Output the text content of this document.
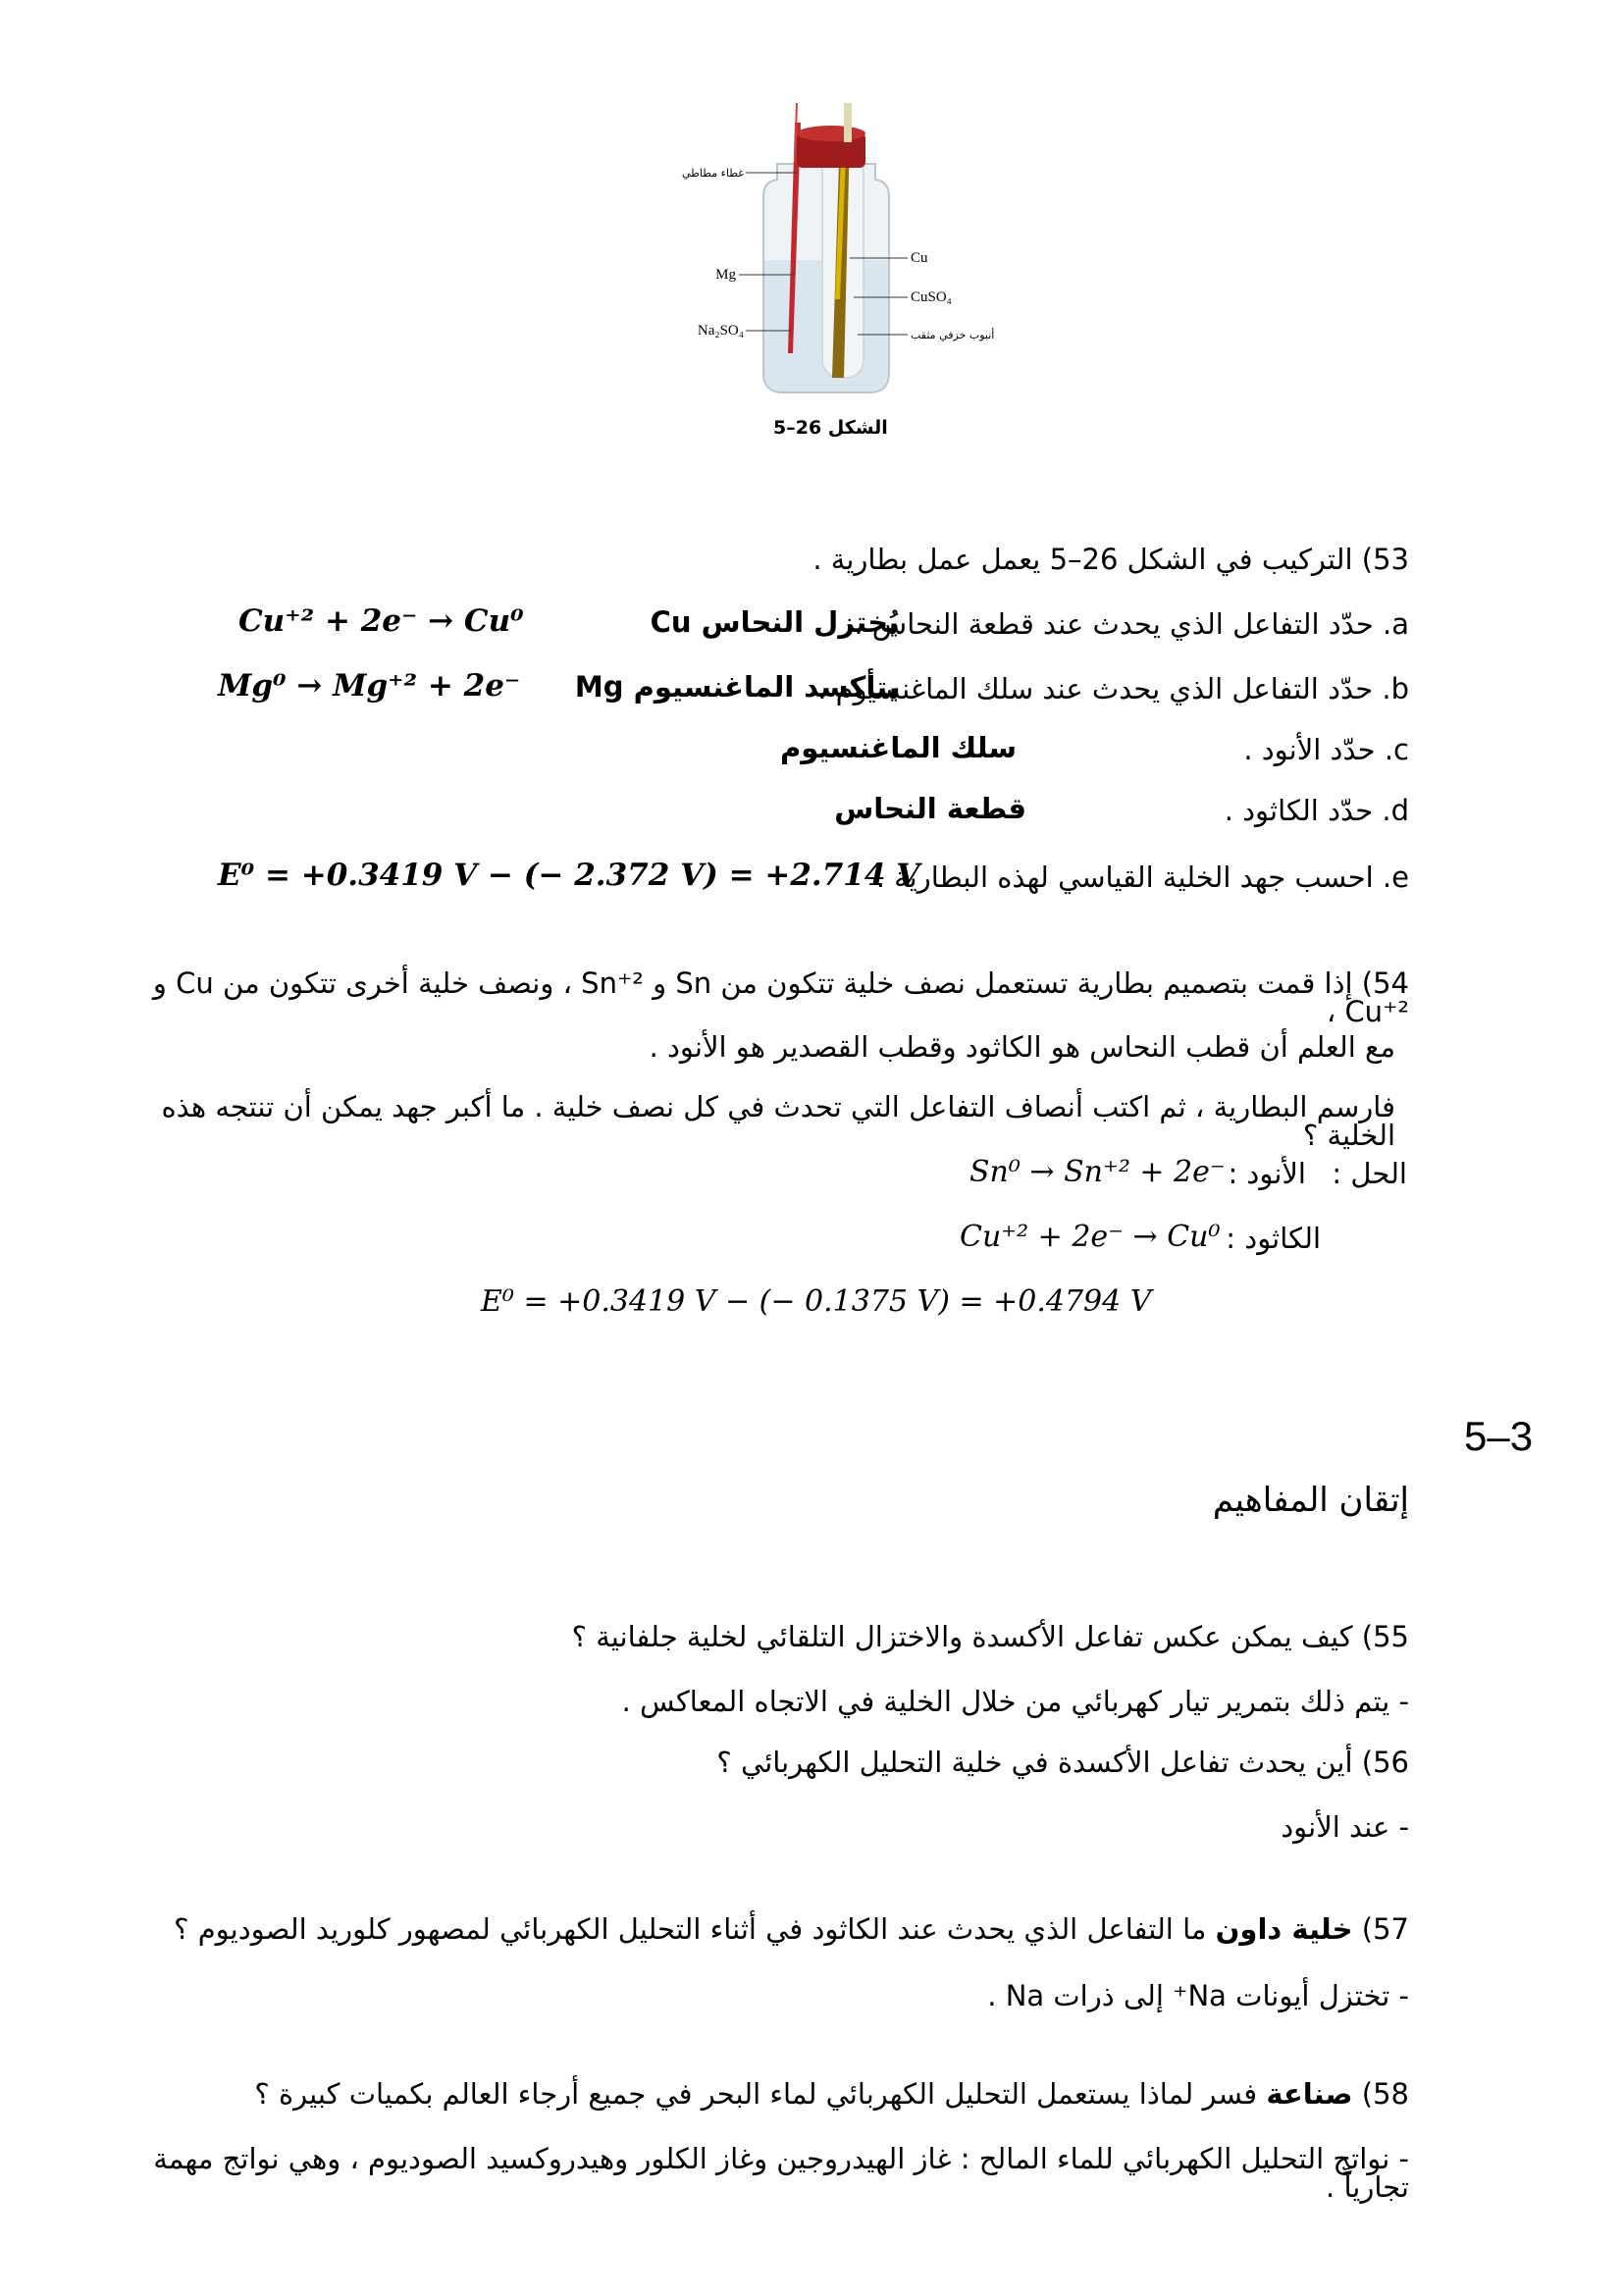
غطاء مطاطي
Mg
Na₂SO₄
Cu
CuSO₄
أنبوب خزفي مثقب
الشكل 26–5
53) التركيب في الشكل 26–5 يعمل عمل بطارية .
Cu⁺² + 2e⁻ → Cu⁰	يُختزل النحاس Cu
a. حدّد التفاعل الذي يحدث عند قطعة النحاس .
Mg⁰ → Mg⁺² + 2e⁻	يتأكسد الماغنسيوم Mg
b. حدّد التفاعل الذي يحدث عند سلك الماغنسيوم .
سلك الماغنسيوم	c. حدّد الأنود .
قطعة النحاس	d. حدّد الكاثود .
E⁰ = +0.3419 V − (− 2.372 V) = +2.714 V
e. احسب جهد الخلية القياسي لهذه البطارية .
54) إذا قمت بتصميم بطارية تستعمل نصف خلية تتكون من Sn و Sn⁺² ، ونصف خلية أخرى تتكون من Cu و Cu⁺² ،
مع العلم أن قطب النحاس هو الكاثود وقطب القصدير هو الأنود .
فارسم البطارية ، ثم اكتب أنصاف التفاعل التي تحدث في كل نصف خلية . ما أكبر جهد يمكن أن تنتجه هذه الخلية ؟
الحل :
الأنود :
Sn⁰ → Sn⁺² + 2e⁻
الكاثود :
Cu⁺² + 2e⁻ → Cu⁰
E⁰ = +0.3419 V − (− 0.1375 V) = +0.4794 V
5–3
إتقان المفاهيم
55) كيف يمكن عكس تفاعل الأكسدة والاختزال التلقائي لخلية جلفانية ؟
- يتم ذلك بتمرير تيار كهربائي من خلال الخلية في الاتجاه المعاكس .
56) أين يحدث تفاعل الأكسدة في خلية التحليل الكهربائي ؟
- عند الأنود
57) خلية داون ما التفاعل الذي يحدث عند الكاثود في أثناء التحليل الكهربائي لمصهور كلوريد الصوديوم ؟
- تختزل أيونات Na⁺ إلى ذرات Na .
58) صناعة فسر لماذا يستعمل التحليل الكهربائي لماء البحر في جميع أرجاء العالم بكميات كبيرة ؟
- نواتج التحليل الكهربائي للماء المالح : غاز الهيدروجين وغاز الكلور وهيدروكسيد الصوديوم ، وهي نواتج مهمة تجارياً .
